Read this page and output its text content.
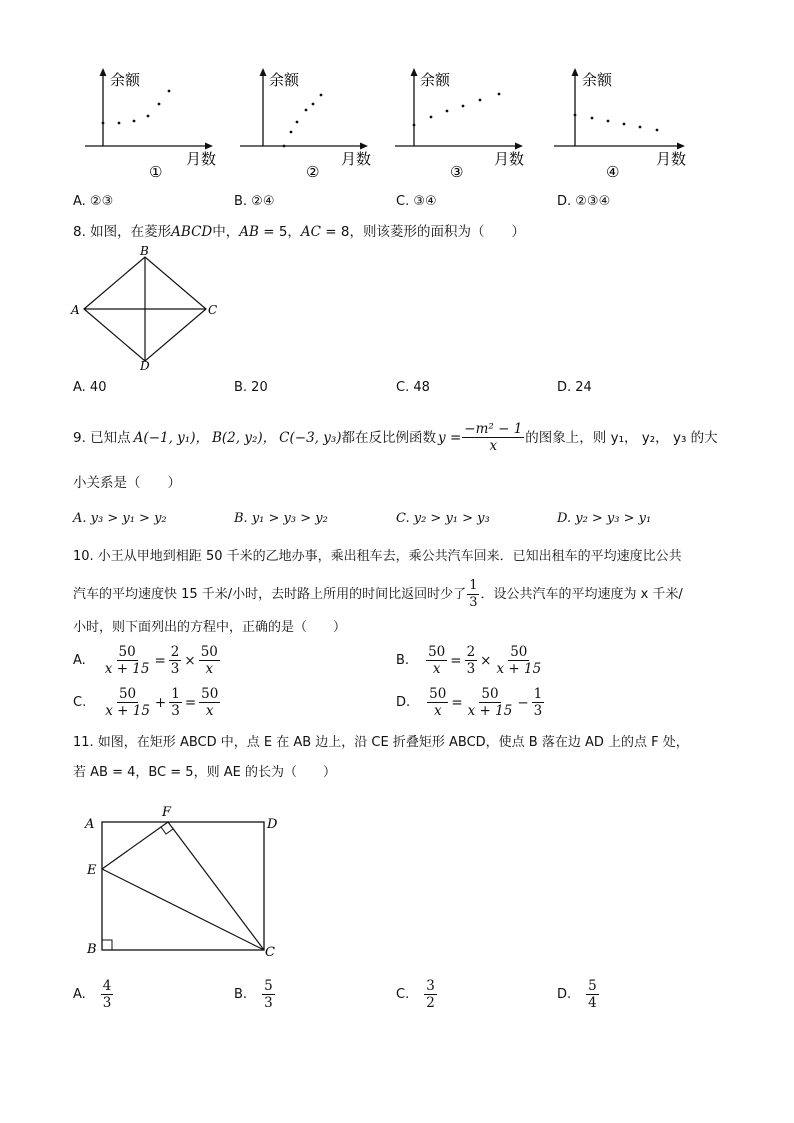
余额
月数
①
余额
月数
②
余额
月数
③
余额
月数
④
A. ②③	B. ②④	C. ③④	D. ②③④
8. 如图，在菱形ABCD中，AB = 5，AC = 8，则该菱形的面积为（　　）
A
B
C
D
A. 40	B. 20	C. 48	D. 24
9. 已知点 A(−1, y₁)， B(2, y₂)， C(−3, y₃) 都在反比例函数 $y = \frac{\text{−m² − 1}}{x}$ 的图象上，则 y₁， y₂， y₃ 的大
小关系是（　　）
A. y₃ > y₁ > y₂	B. y₁ > y₃ > y₂	C. y₂ > y₁ > y₃	D. y₂ > y₃ > y₁
10. 小王从甲地到相距 50 千米的乙地办事，乘出租车去，乘公共汽车回来．已知出租车的平均速度比公共
汽车的平均速度快 15 千米/小时，去时路上所用的时间比返回时少了 $\frac{1}{3}$ ．设公共汽车的平均速度为 x 千米/
小时，则下面列出的方程中，正确的是（　　）
A. $\frac{50}{x + 15} = \frac{2}{3} \times \frac{50}{x}$	B. $\frac{50}{x} = \frac{2}{3} \times \frac{50}{x + 15}$
C. $\frac{50}{x + 15} + \frac{1}{3} = \frac{50}{x}$	D. $\frac{50}{x} = \frac{50}{x + 15} - \frac{1}{3}$
11. 如图，在矩形 ABCD 中，点 E 在 AB 边上，沿 CE 折叠矩形 ABCD，使点 B 落在边 AD 上的点 F 处，
若 AB = 4，BC = 5，则 AE 的长为（　　）
A
F
D
E
B	C
A. $\frac{4}{3}$	B. $\frac{5}{3}$	C. $\frac{3}{2}$	D. $\frac{5}{4}$
